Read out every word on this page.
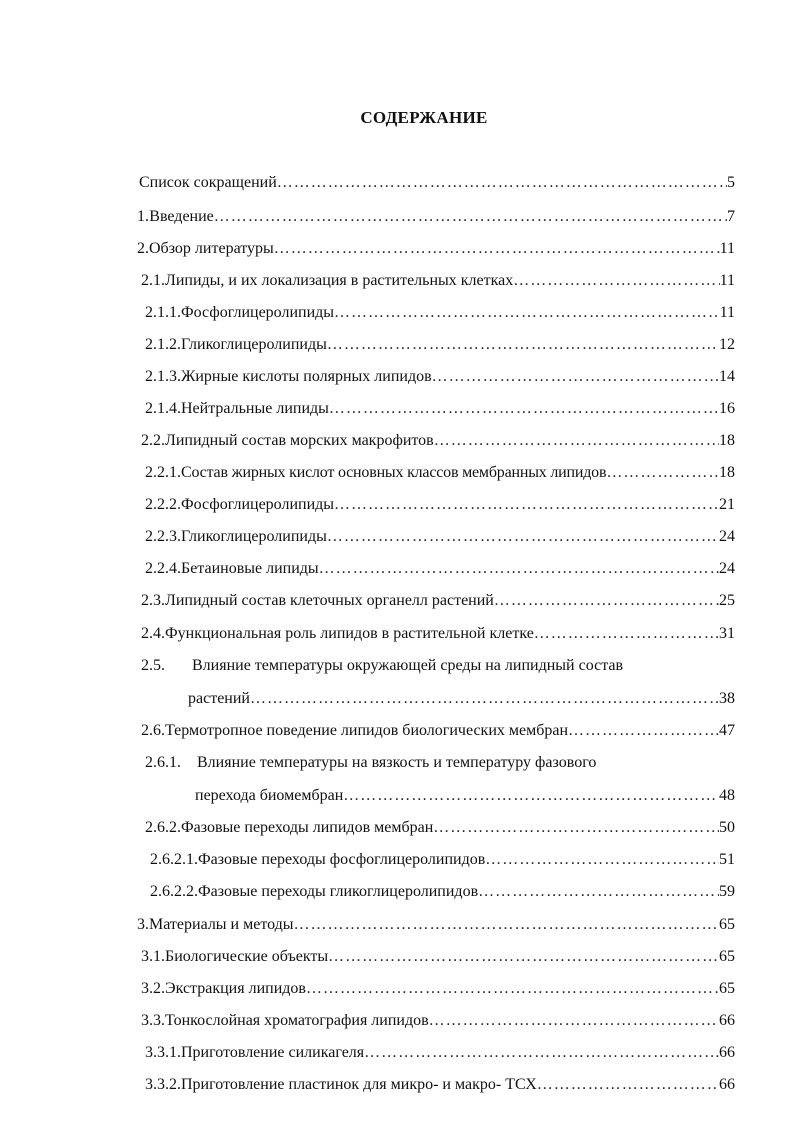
СОДЕРЖАНИЕ
Список сокращений ……………………………………………………………………………………………………………………………………………………………	5
1. Введение ……………………………………………………………………………………………………………………………………………………………	7
2. Обзор литературы ……………………………………………………………………………………………………………………………………………………………	11
2.1. Липиды, и их локализация в растительных клетках ……………………………………………………………………………………………………………………………………………………………	11
2.1.1. Фосфоглицеролипиды ……………………………………………………………………………………………………………………………………………………………	11
2.1.2. Гликоглицеролипиды ……………………………………………………………………………………………………………………………………………………………	12
2.1.3. Жирные кислоты полярных липидов ……………………………………………………………………………………………………………………………………………………………	14
2.1.4. Нейтральные липиды ……………………………………………………………………………………………………………………………………………………………	16
2.2. Липидный состав морских макрофитов ……………………………………………………………………………………………………………………………………………………………	18
2.2.1. Состав жирных кислот основных классов мембранных липидов ……………………………………………………………………………………………………………………………………………………………	18
2.2.2. Фосфоглицеролипиды ……………………………………………………………………………………………………………………………………………………………	21
2.2.3. Гликоглицеролипиды ……………………………………………………………………………………………………………………………………………………………	24
2.2.4. Бетаиновые липиды ……………………………………………………………………………………………………………………………………………………………	24
2.3. Липидный состав клеточных органелл растений ……………………………………………………………………………………………………………………………………………………………	25
2.4. Функциональная роль липидов в растительной клетке ……………………………………………………………………………………………………………………………………………………………	31
2.5. Влияние температуры окружающей среды на липидный состав
растений ……………………………………………………………………………………………………………………………………………………………	38
2.6. Термотропное поведение липидов биологических мембран ……………………………………………………………………………………………………………………………………………………………	47
2.6.1. Влияние температуры на вязкость и температуру фазового
перехода биомембран ……………………………………………………………………………………………………………………………………………………………	48
2.6.2. Фазовые переходы липидов мембран ……………………………………………………………………………………………………………………………………………………………	50
2.6.2.1. Фазовые переходы фосфоглицеролипидов ……………………………………………………………………………………………………………………………………………………………	51
2.6.2.2. Фазовые переходы гликоглицеролипидов ……………………………………………………………………………………………………………………………………………………………	59
3. Материалы и методы ……………………………………………………………………………………………………………………………………………………………	65
3.1. Биологические объекты ……………………………………………………………………………………………………………………………………………………………	65
3.2. Экстракция липидов ……………………………………………………………………………………………………………………………………………………………	65
3.3. Тонкослойная хроматография липидов ……………………………………………………………………………………………………………………………………………………………	66
3.3.1. Приготовление силикагеля ……………………………………………………………………………………………………………………………………………………………	66
3.3.2. Приготовление пластинок для микро- и макро- ТСХ ……………………………………………………………………………………………………………………………………………………………	66
